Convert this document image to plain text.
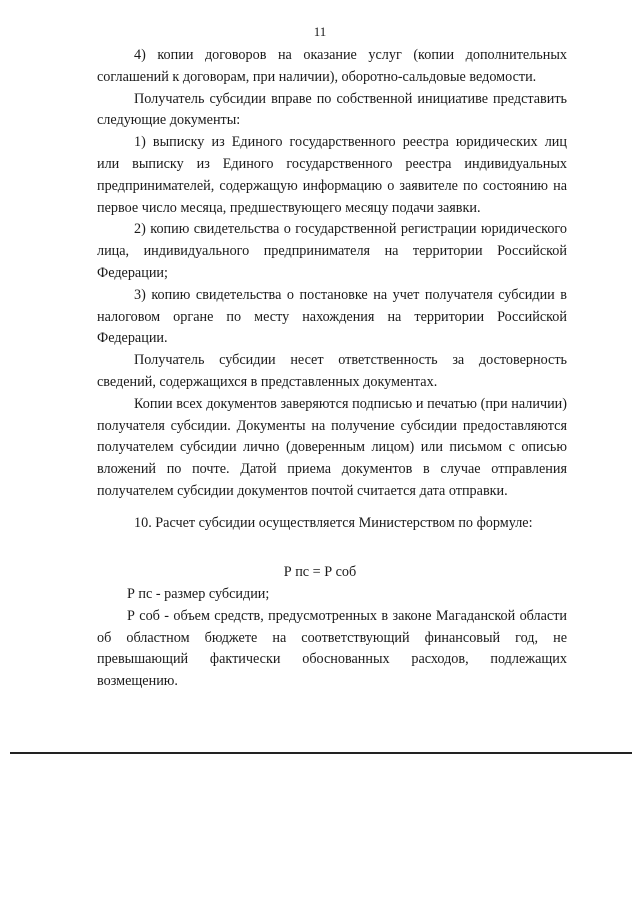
11

4) копии договоров на оказание услуг (копии дополнительных соглашений к договорам, при наличии), оборотно-сальдовые ведомости.

Получатель субсидии вправе по собственной инициативе представить следующие документы:

1) выписку из Единого государственного реестра юридических лиц или выписку из Единого государственного реестра индивидуальных предпринимателей, содержащую информацию о заявителе по состоянию на первое число месяца, предшествующего месяцу подачи заявки.

2) копию свидетельства о государственной регистрации юридического лица, индивидуального предпринимателя на территории Российской Федерации;

3) копию свидетельства о постановке на учет получателя субсидии в налоговом органе по месту нахождения на территории Российской Федерации.

Получатель субсидии несет ответственность за достоверность сведений, содержащихся в представленных документах.

Копии всех документов заверяются подписью и печатью (при наличии) получателя субсидии. Документы на получение субсидии предоставляются получателем субсидии лично (доверенным лицом) или письмом с описью вложений по почте. Датой приема документов в случае отправления получателем субсидии документов почтой считается дата отправки.

10. Расчет субсидии осуществляется Министерством по формуле:

Р пс = Р соб

Р пс - размер субсидии;

Р соб - объем средств, предусмотренных в законе Магаданской области об областном бюджете на соответствующий финансовый год, не превышающий фактически обоснованных расходов, подлежащих возмещению.
